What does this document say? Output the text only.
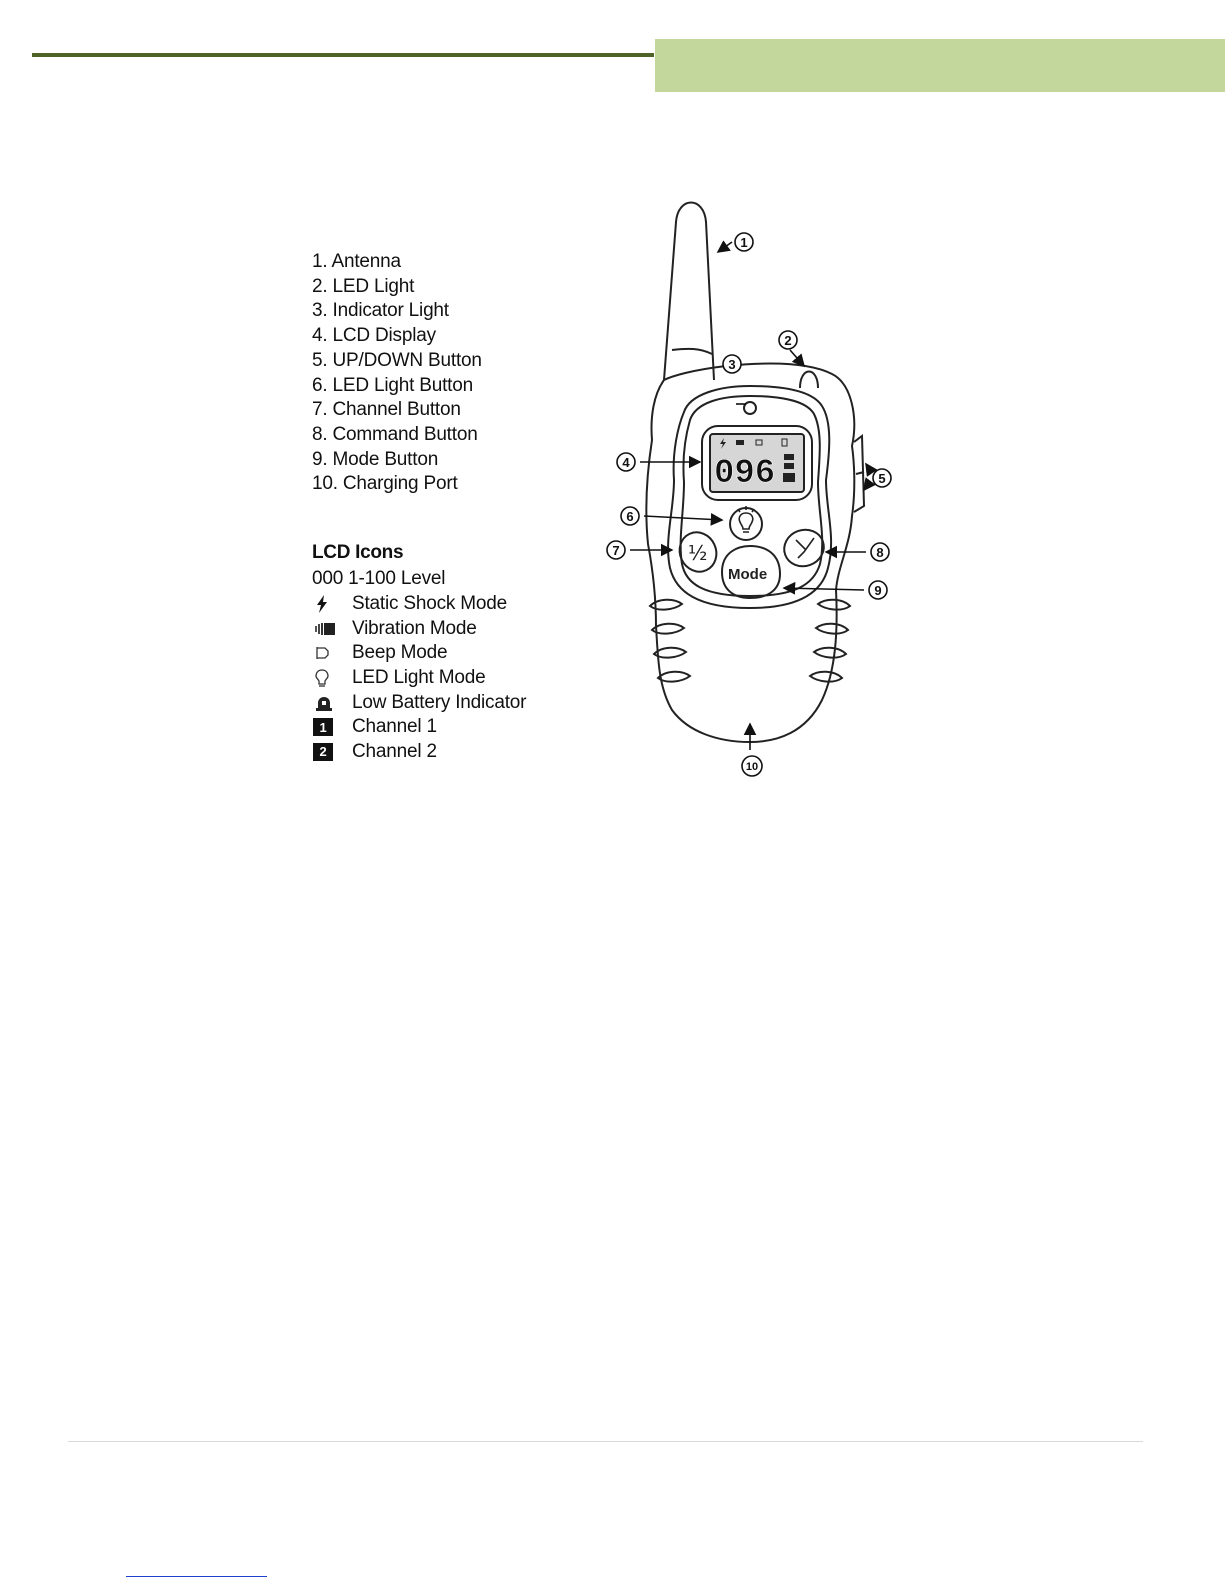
1. Antenna
2. LED Light
3. Indicator Light
4. LCD Display
5. UP/DOWN Button
6. LED Light Button
7. Channel Button
8. Command Button
9. Mode Button
10. Charging Port
LCD Icons
000 1-100 Level
Static Shock Mode
Vibration Mode
Beep Mode
LED Light Mode
Low Battery Indicator
1	Channel 1
2	Channel 2
096
½
Mode
1
2
3
4
5
6
7	8
9
10
